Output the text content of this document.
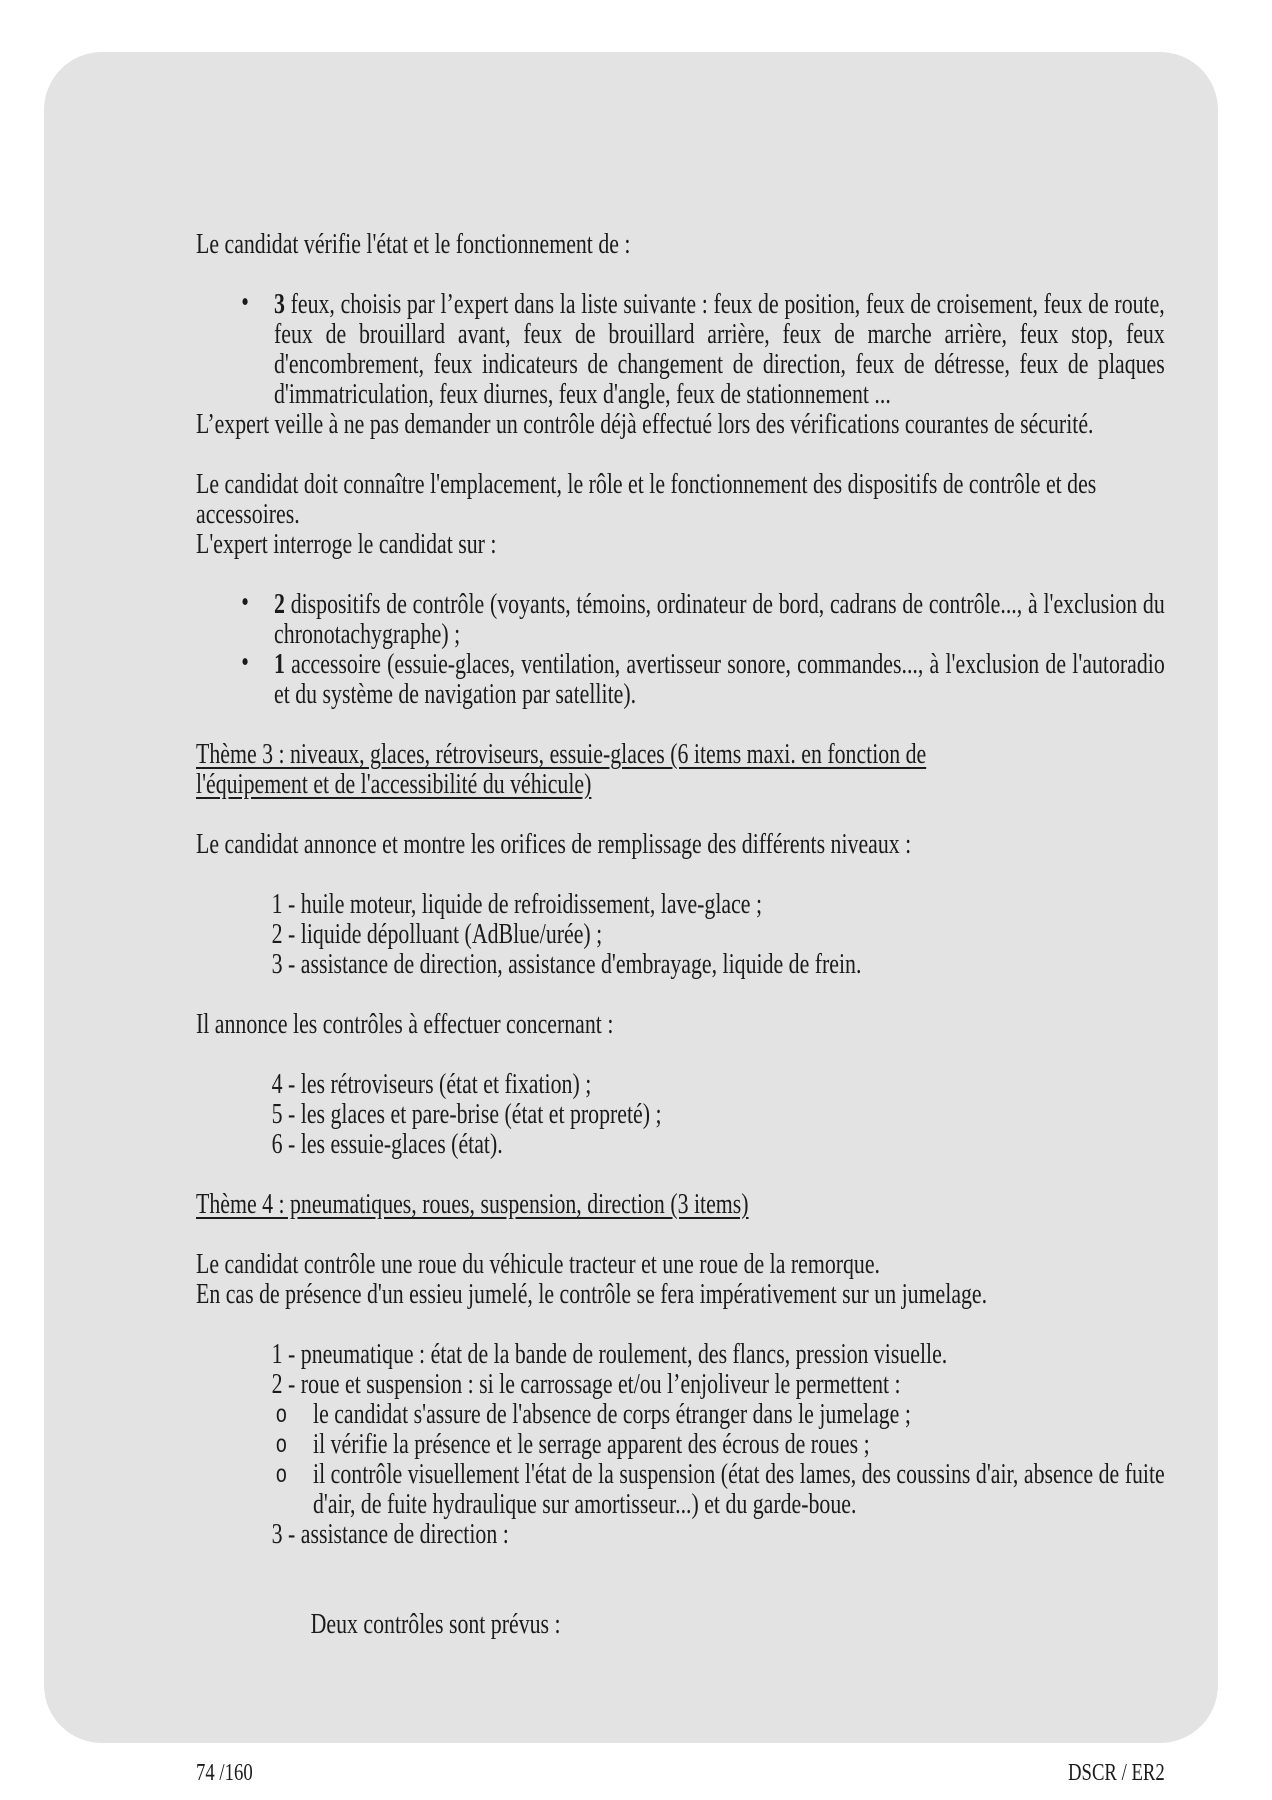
Le candidat vérifie l'état et le fonctionnement de :

• 3 feux, choisis par l’expert dans la liste suivante : feux de position, feux de croisement, feux de route, feux de brouillard avant, feux de brouillard arrière, feux de marche arrière, feux stop, feux d'encombrement, feux indicateurs de changement de direction, feux de détresse, feux de plaques d'immatriculation, feux diurnes, feux d'angle, feux de stationnement ...

L’expert veille à ne pas demander un contrôle déjà effectué lors des vérifications courantes de sécurité.

Le candidat doit connaître l'emplacement, le rôle et le fonctionnement des dispositifs de contrôle et des accessoires.

L'expert interroge le candidat sur :

• 2 dispositifs de contrôle (voyants, témoins, ordinateur de bord, cadrans de contrôle..., à l'exclusion du chronotachygraphe) ;
• 1 accessoire (essuie-glaces, ventilation, avertisseur sonore, commandes..., à l'exclusion de l'autoradio et du système de navigation par satellite).
Thème 3 : niveaux, glaces, rétroviseurs, essuie-glaces (6 items maxi. en fonction de l'équipement et de l'accessibilité du véhicule)

Le candidat annonce et montre les orifices de remplissage des différents niveaux :

1 - huile moteur, liquide de refroidissement, lave-glace ;
2 - liquide dépolluant (AdBlue/urée) ;
3 - assistance de direction, assistance d'embrayage, liquide de frein.

Il annonce les contrôles à effectuer concernant :

4 - les rétroviseurs (état et fixation) ;
5 - les glaces et pare-brise (état et propreté) ;
6 - les essuie-glaces (état).
Thème 4 : pneumatiques, roues, suspension, direction (3 items)

Le candidat contrôle une roue du véhicule tracteur et une roue de la remorque.

En cas de présence d'un essieu jumelé, le contrôle se fera impérativement sur un jumelage.

1 - pneumatique : état de la bande de roulement, des flancs, pression visuelle.
2 - roue et suspension : si le carrossage et/ou l’enjoliveur le permettent :
o le candidat s'assure de l'absence de corps étranger dans le jumelage ;
o il vérifie la présence et le serrage apparent des écrous de roues ;
o il contrôle visuellement l'état de la suspension (état des lames, des coussins d'air, absence de fuite d'air, de fuite hydraulique sur amortisseur...) et du garde-boue.
3 - assistance de direction :

Deux contrôles sont prévus :

74 /160	DSCR / ER2
